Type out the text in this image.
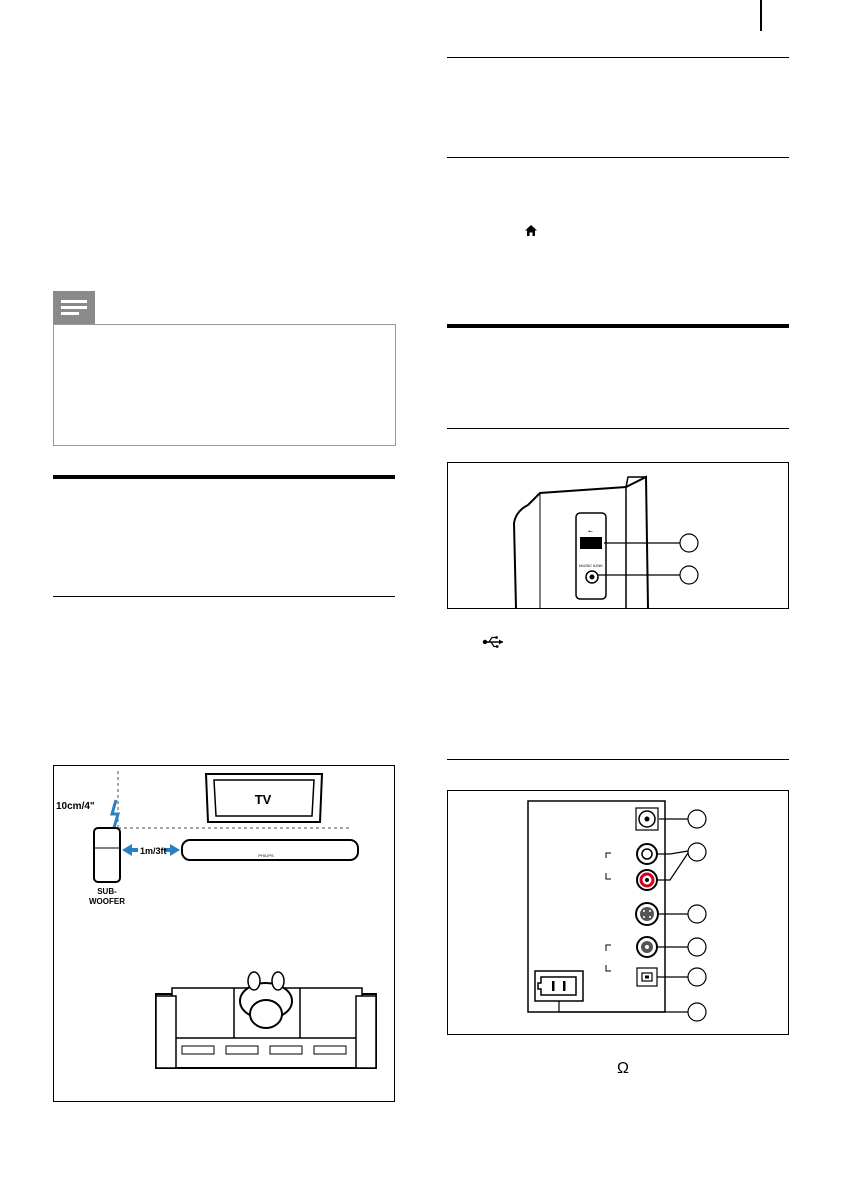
TV
10cm/4"
SUB-
WOOFER
1m/3ft	PHILIPS
⭠
MUSIC iLINK
Ω
